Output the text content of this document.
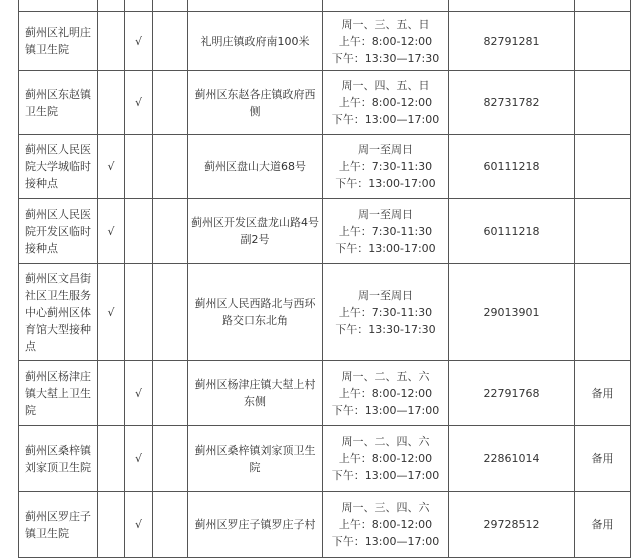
蓟州区礼明庄镇卫生院		√		礼明庄镇政府南100米	周一、三、五、日
上午：8:00-12:00
下午：13:30—17:30	82791281	
蓟州区东赵镇卫生院		√		蓟州区东赵各庄镇政府西侧	周一、四、五、日
上午：8:00-12:00
下午：13:00—17:00	82731782	
蓟州区人民医院大学城临时接种点	√			蓟州区盘山大道68号	周一至周日
上午：7:30-11:30
下午：13:00-17:00	60111218	
蓟州区人民医院开发区临时接种点	√			蓟州区开发区盘龙山路4号副2号	周一至周日
上午：7:30-11:30
下午：13:00-17:00	60111218	
蓟州区文昌街社区卫生服务中心蓟州区体育馆大型接种点	√			蓟州区人民西路北与西环路交口东北角	周一至周日
上午：7:30-11:30
下午：13:30-17:30	29013901	
蓟州区杨津庄镇大堼上卫生院		√		蓟州区杨津庄镇大堼上村东侧	周一、二、五、六
上午：8:00-12:00
下午：13:00—17:00	22791768	备用
蓟州区桑梓镇刘家顶卫生院		√		蓟州区桑梓镇刘家顶卫生院	周一、二、四、六
上午：8:00-12:00
下午：13:00—17:00	22861014	备用
蓟州区罗庄子镇卫生院		√		蓟州区罗庄子镇罗庄子村	周一、三、四、六
上午：8:00-12:00
下午：13:00—17:00	29728512	备用
